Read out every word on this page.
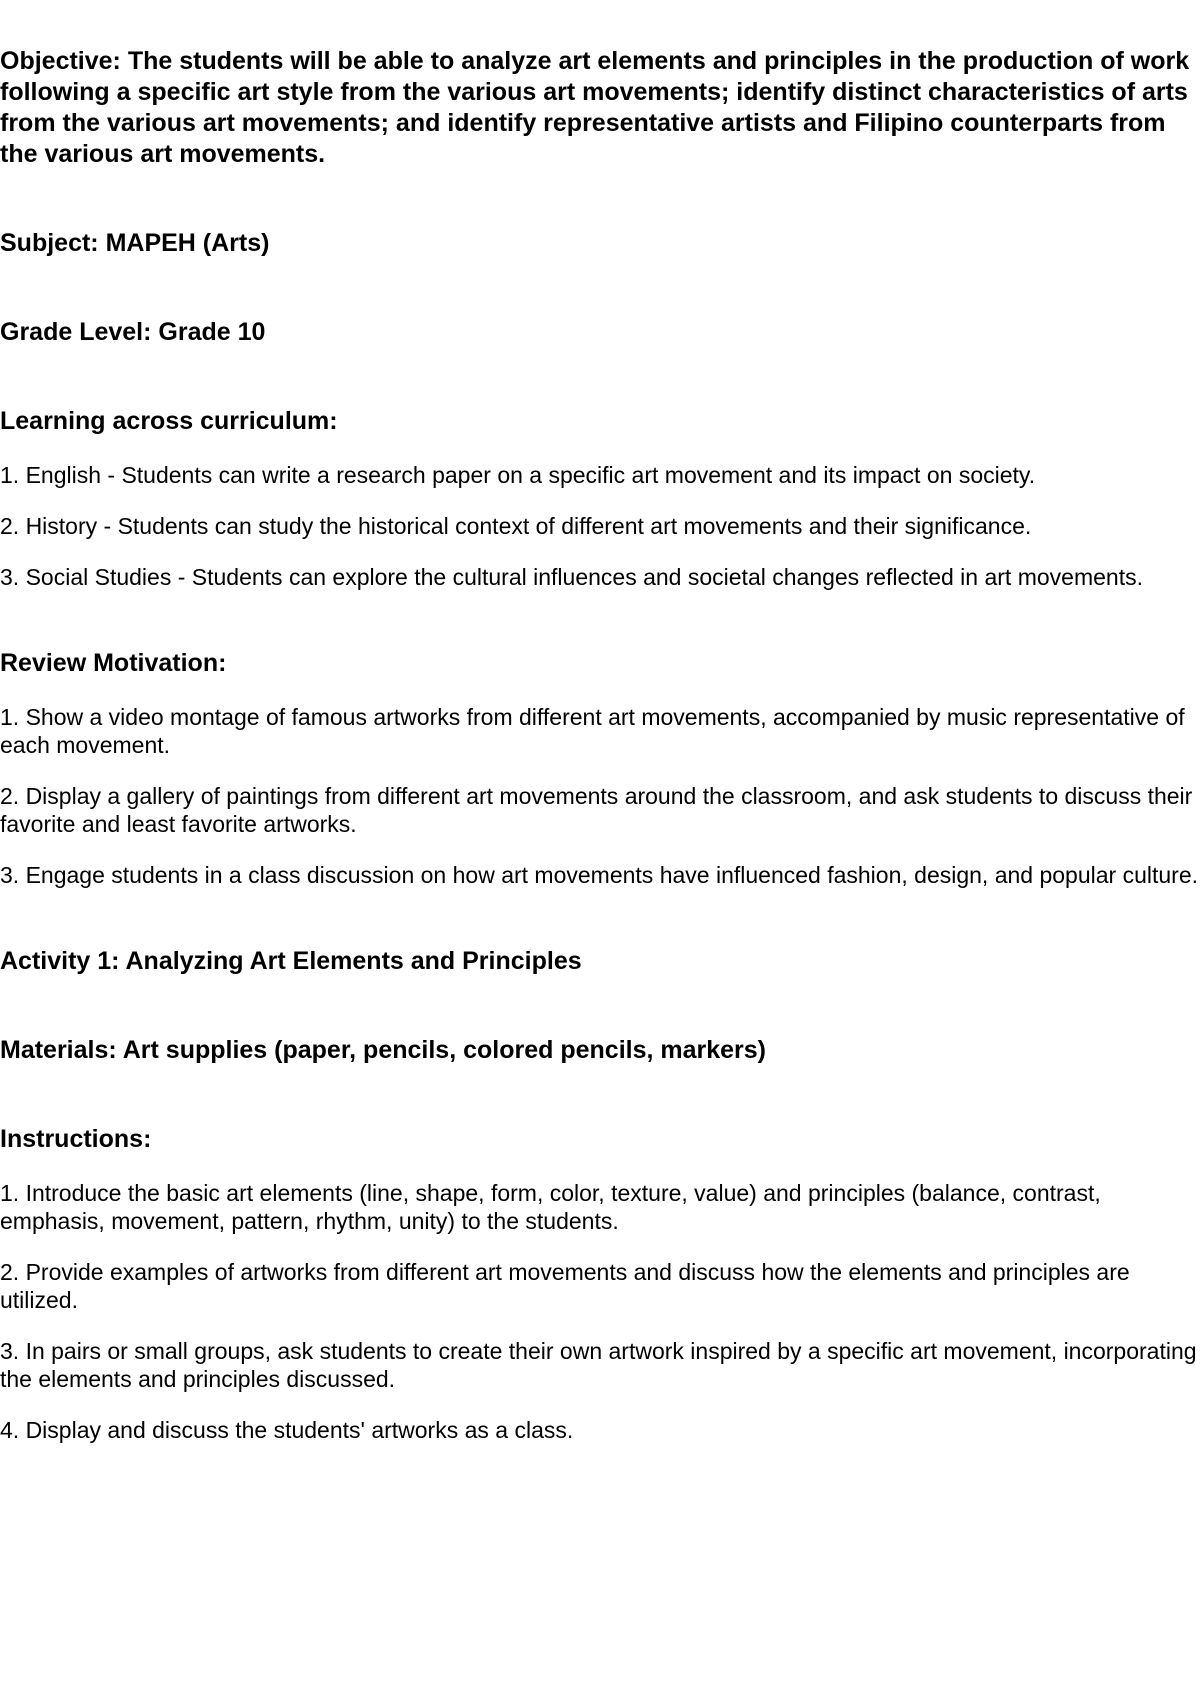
Objective: The students will be able to analyze art elements and principles in the production of work following a specific art style from the various art movements; identify distinct characteristics of arts from the various art movements; and identify representative artists and Filipino counterparts from the various art movements.

Subject: MAPEH (Arts)

Grade Level: Grade 10

Learning across curriculum:

1. English - Students can write a research paper on a specific art movement and its impact on society.

2. History - Students can study the historical context of different art movements and their significance.

3. Social Studies - Students can explore the cultural influences and societal changes reflected in art movements.

Review Motivation:

1. Show a video montage of famous artworks from different art movements, accompanied by music representative of each movement.

2. Display a gallery of paintings from different art movements around the classroom, and ask students to discuss their favorite and least favorite artworks.

3. Engage students in a class discussion on how art movements have influenced fashion, design, and popular culture.

Activity 1: Analyzing Art Elements and Principles

Materials: Art supplies (paper, pencils, colored pencils, markers)

Instructions:

1. Introduce the basic art elements (line, shape, form, color, texture, value) and principles (balance, contrast, emphasis, movement, pattern, rhythm, unity) to the students.

2. Provide examples of artworks from different art movements and discuss how the elements and principles are utilized.

3. In pairs or small groups, ask students to create their own artwork inspired by a specific art movement, incorporating the elements and principles discussed.

4. Display and discuss the students' artworks as a class.
